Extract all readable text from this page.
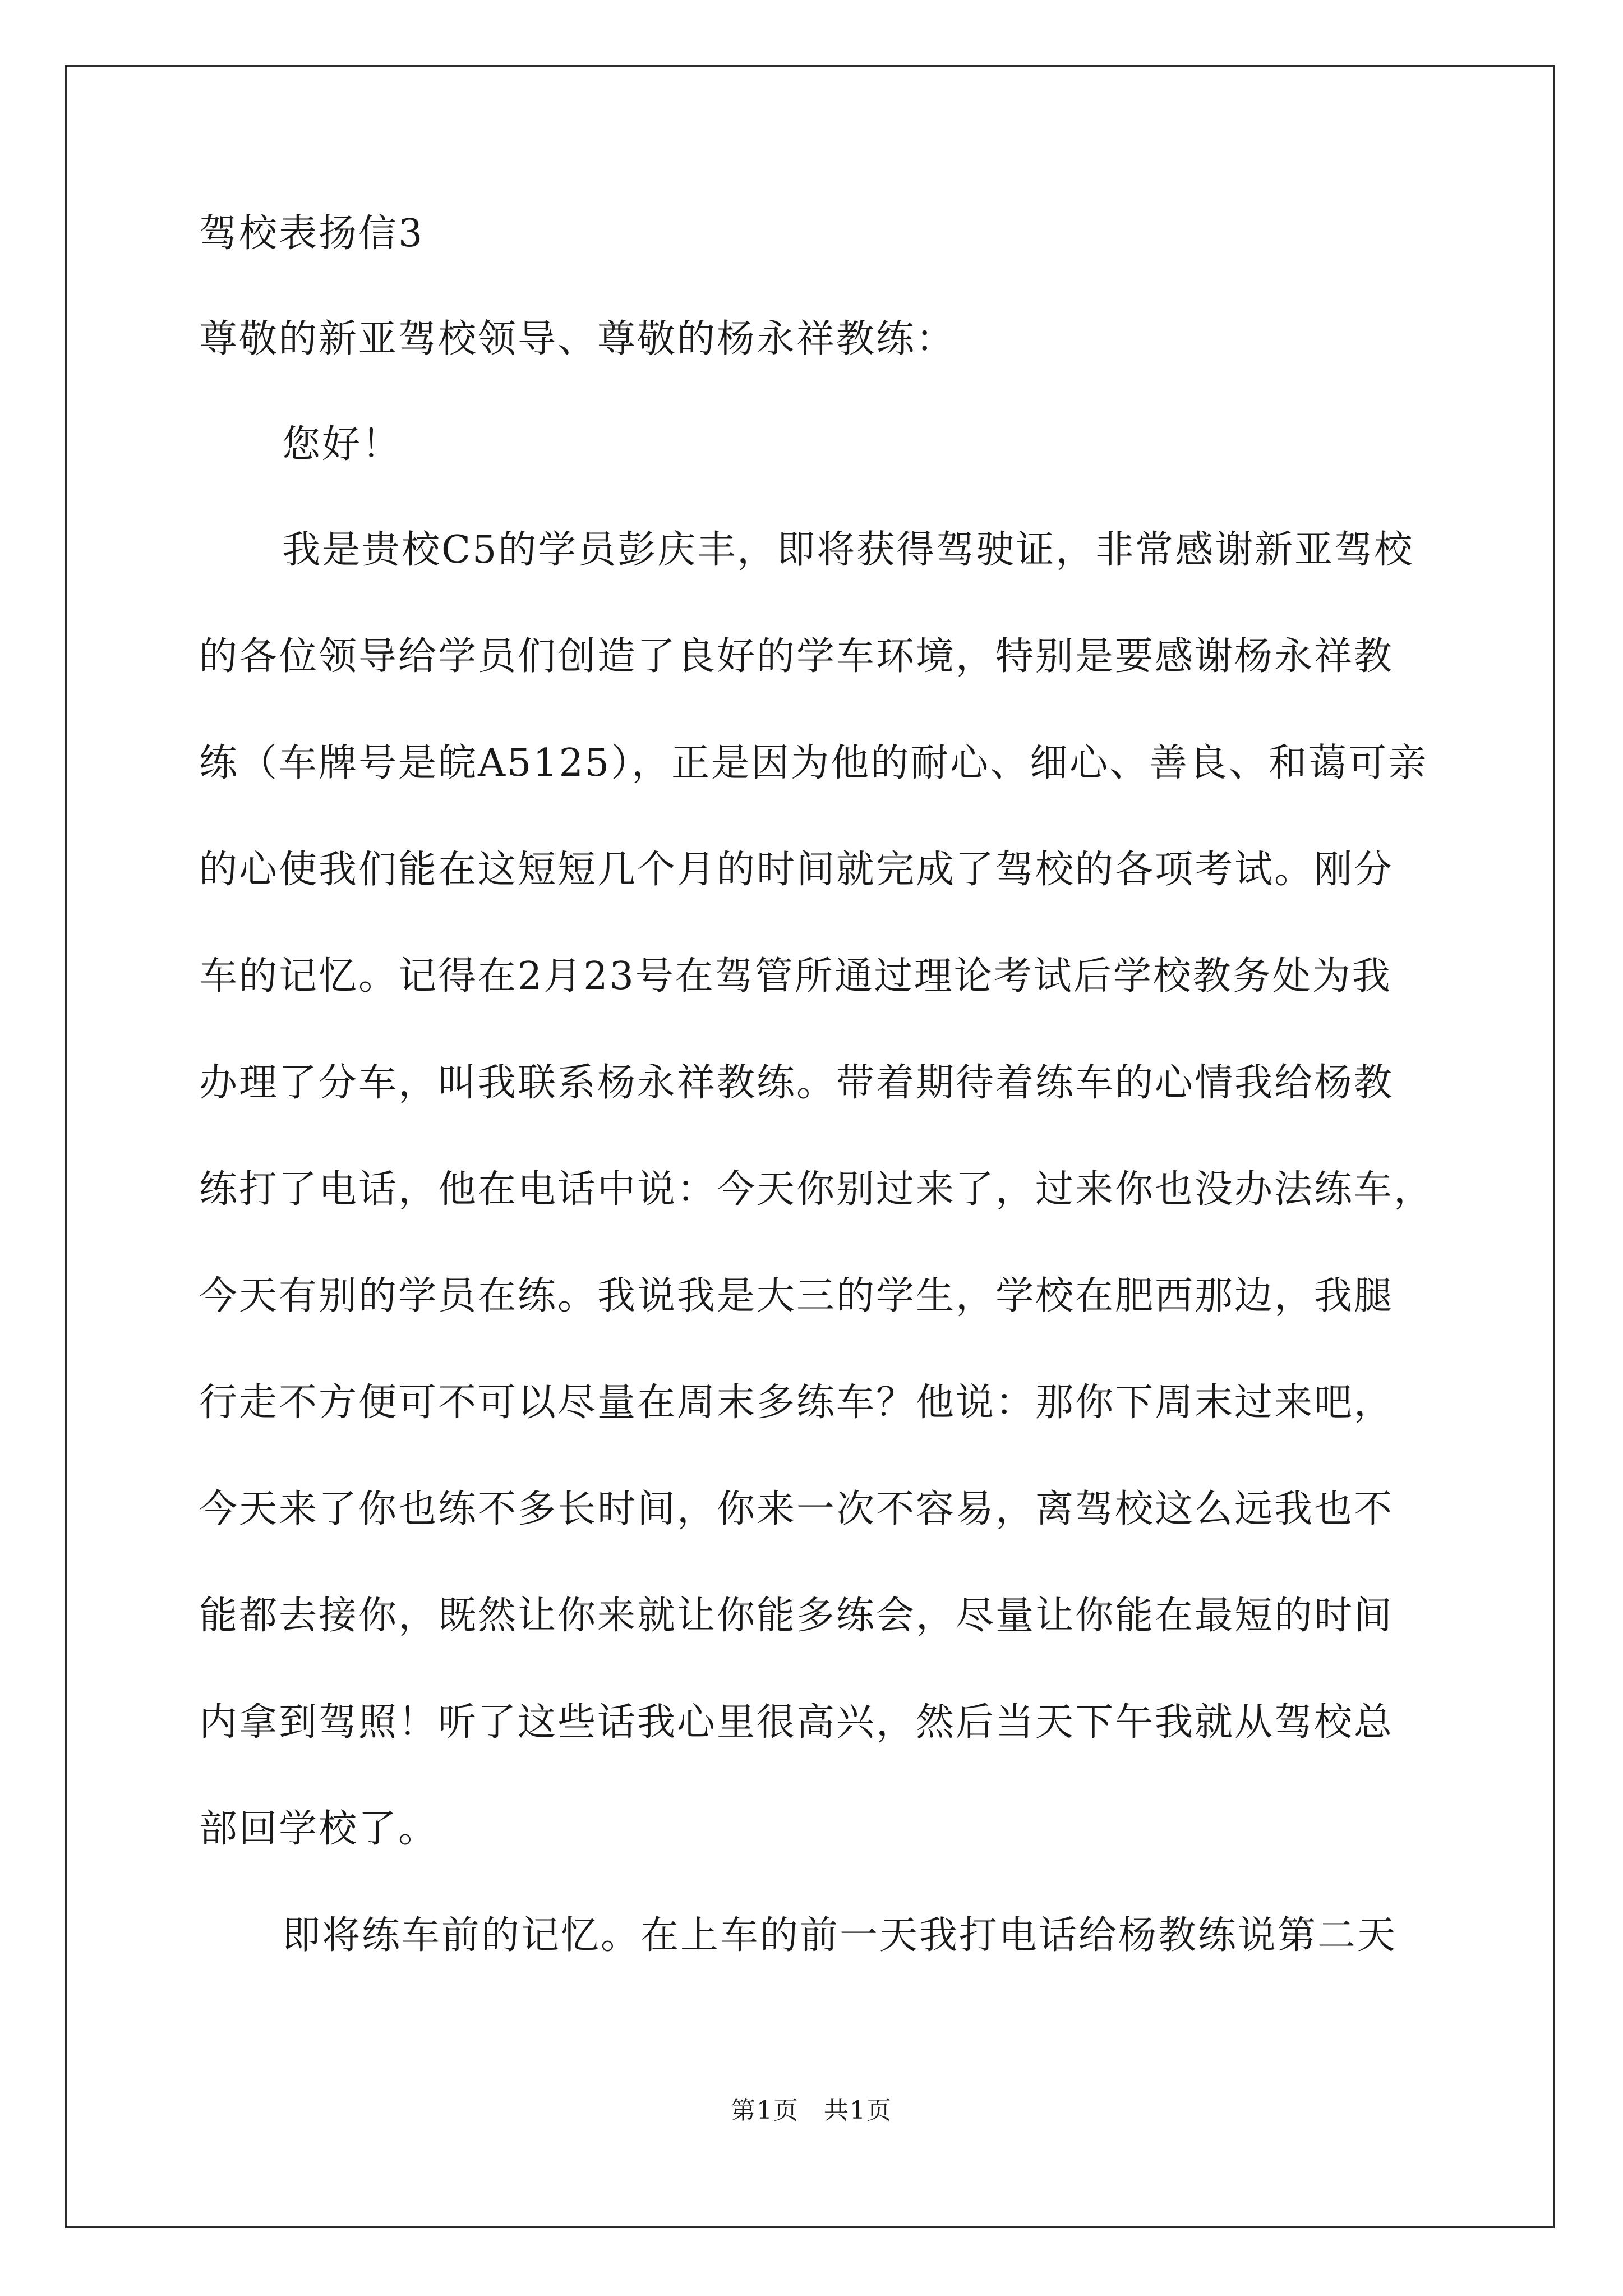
驾校表扬信3
尊敬的新亚驾校领导、尊敬的杨永祥教练：
您好！
我是贵校C5的学员彭庆丰，即将获得驾驶证，非常感谢新亚驾校
的各位领导给学员们创造了良好的学车环境，特别是要感谢杨永祥教
练（车牌号是皖A5125），正是因为他的耐心、细心、善良、和蔼可亲
的心使我们能在这短短几个月的时间就完成了驾校的各项考试。刚分
车的记忆。记得在2月23号在驾管所通过理论考试后学校教务处为我
办理了分车，叫我联系杨永祥教练。带着期待着练车的心情我给杨教
练打了电话，他在电话中说：今天你别过来了，过来你也没办法练车，
今天有别的学员在练。我说我是大三的学生，学校在肥西那边，我腿
行走不方便可不可以尽量在周末多练车？他说：那你下周末过来吧，
今天来了你也练不多长时间，你来一次不容易，离驾校这么远我也不
能都去接你，既然让你来就让你能多练会，尽量让你能在最短的时间
内拿到驾照！听了这些话我心里很高兴，然后当天下午我就从驾校总
部回学校了。
即将练车前的记忆。在上车的前一天我打电话给杨教练说第二天
第1页 共1页
